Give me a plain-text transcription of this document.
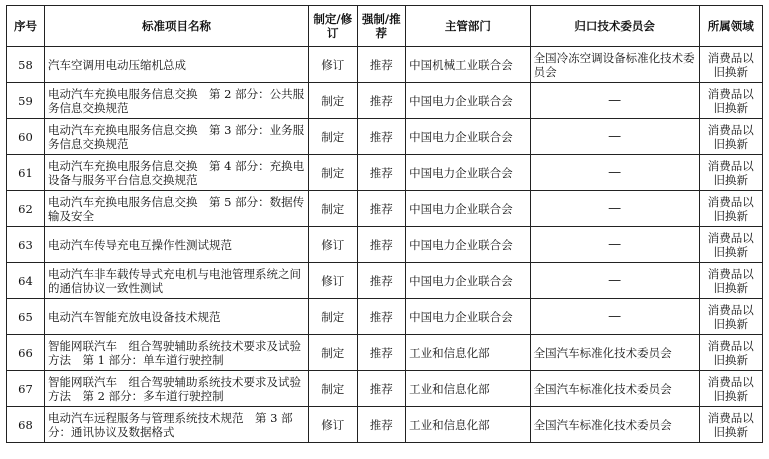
序号	标准项目名称	制定/修订	强制/推荐	主管部门	归口技术委员会	所属领域
58	汽车空调用电动压缩机总成	修订	推荐	中国机械工业联合会	全国冷冻空调设备标准化技术委员会	消费品以旧换新
59	电动汽车充换电服务信息交换　第 2 部分：公共服务信息交换规范	制定	推荐	中国电力企业联合会	—	消费品以旧换新
60	电动汽车充换电服务信息交换　第 3 部分：业务服务信息交换规范	制定	推荐	中国电力企业联合会	—	消费品以旧换新
61	电动汽车充换电服务信息交换　第 4 部分：充换电设备与服务平台信息交换规范	制定	推荐	中国电力企业联合会	—	消费品以旧换新
62	电动汽车充换电服务信息交换　第 5 部分：数据传输及安全	制定	推荐	中国电力企业联合会	—	消费品以旧换新
63	电动汽车传导充电互操作性测试规范	修订	推荐	中国电力企业联合会	—	消费品以旧换新
64	电动汽车非车载传导式充电机与电池管理系统之间的通信协议一致性测试	修订	推荐	中国电力企业联合会	—	消费品以旧换新
65	电动汽车智能充放电设备技术规范	制定	推荐	中国电力企业联合会	—	消费品以旧换新
66	智能网联汽车　组合驾驶辅助系统技术要求及试验方法　第 1 部分：单车道行驶控制	制定	推荐	工业和信息化部	全国汽车标准化技术委员会	消费品以旧换新
67	智能网联汽车　组合驾驶辅助系统技术要求及试验方法　第 2 部分：多车道行驶控制	制定	推荐	工业和信息化部	全国汽车标准化技术委员会	消费品以旧换新
68	电动汽车远程服务与管理系统技术规范　第 3 部分：通讯协议及数据格式	修订	推荐	工业和信息化部	全国汽车标准化技术委员会	消费品以旧换新
